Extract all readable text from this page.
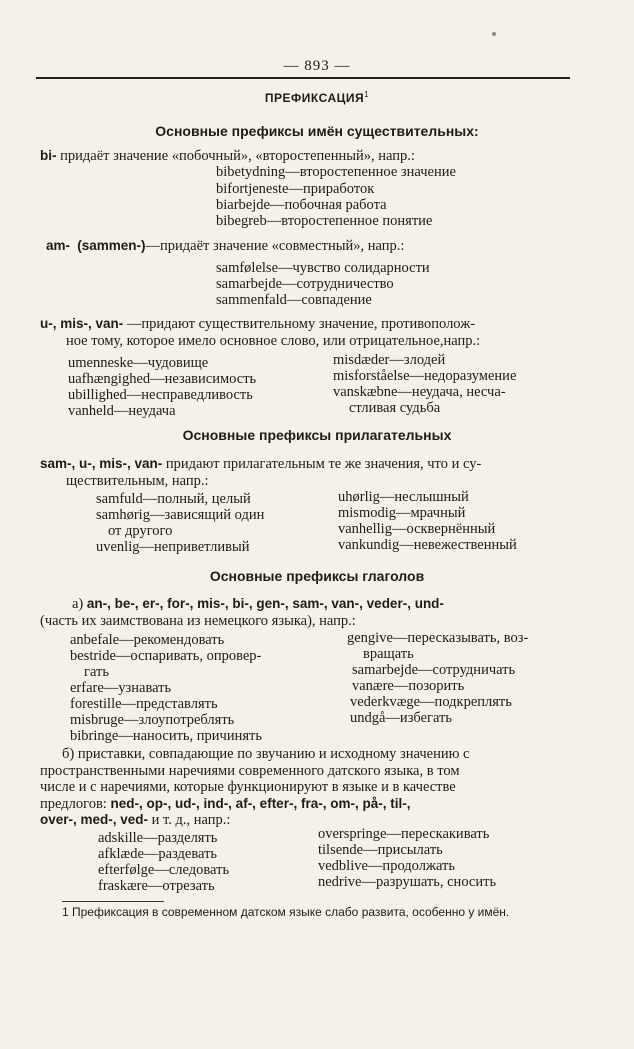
— 893 —
ПРЕФИКСАЦИЯ$^1$
Основные префиксы имён существительных:
bi- придаёт значение «побочный», «второстепенный», напр.:
bibetydning—второстепенное значение
bifortjeneste—приработок
biarbejde—побочная работа
bibegreb—второстепенное понятие
am- (sammen-)—придаёт значение «совместный», напр.:
samfølelse—чувство солидарности
samarbejde—сотрудничество
sammenfald—совпадение
u-, mis-, van- —придают существительному значение, противополож-
ное тому, которое имело основное слово, или отрицательное,напр.:
umenneske—чудовище
uafhængighed—независимость
ubillighed—несправедливость
vanheld—неудача
misdæder—злодей
misforståelse—недоразумение
vanskæbne—неудача, несча-
стливая судьба
Основные префиксы прилагательных
sam-, u-, mis-, van- придают прилагательным те же значения, что и су-
ществительным, напр.:
samfuld—полный, целый
samhørig—зависящий один
от другого
uvenlig—неприветливый
uhørlig—неслышный
mismodig—мрачный
vanhellig—осквернённый
vankundig—невежественный
Основные префиксы глаголов
а) an-, be-, er-, for-, mis-, bi-, gen-, sam-, van-, veder-, und-
(часть их заимствована из немецкого языка), напр.:
anbefale—рекомендовать
bestride—оспаривать, опровер-
гать
erfare—узнавать
forestille—представлять
misbruge—злоупотреблять
bibringe—наносить, причинять
gengive—пересказывать, воз-
вращать
samarbejde—сотрудничать
vanære—позорить
vederkvæge—подкреплять
undgå—избегать
б) приставки, совпадающие по звучанию и исходному значению с
пространственными наречиями современного датского языка, в том
числе и с наречиями, которые функционируют в языке и в качестве
предлогов: ned-, op-, ud-, ind-, af-, efter-, fra-, om-, på-, til-,
over-, med-, ved- и т. д., напр.:
adskille—разделять
afklæde—раздевать
efterfølge—следовать
fraskære—отрезать
overspringe—перескакивать
tilsende—присылать
vedblive—продолжать
nedrive—разрушать, сносить
1 Префиксация в современном датском языке слабо развита, особенно у имён.
